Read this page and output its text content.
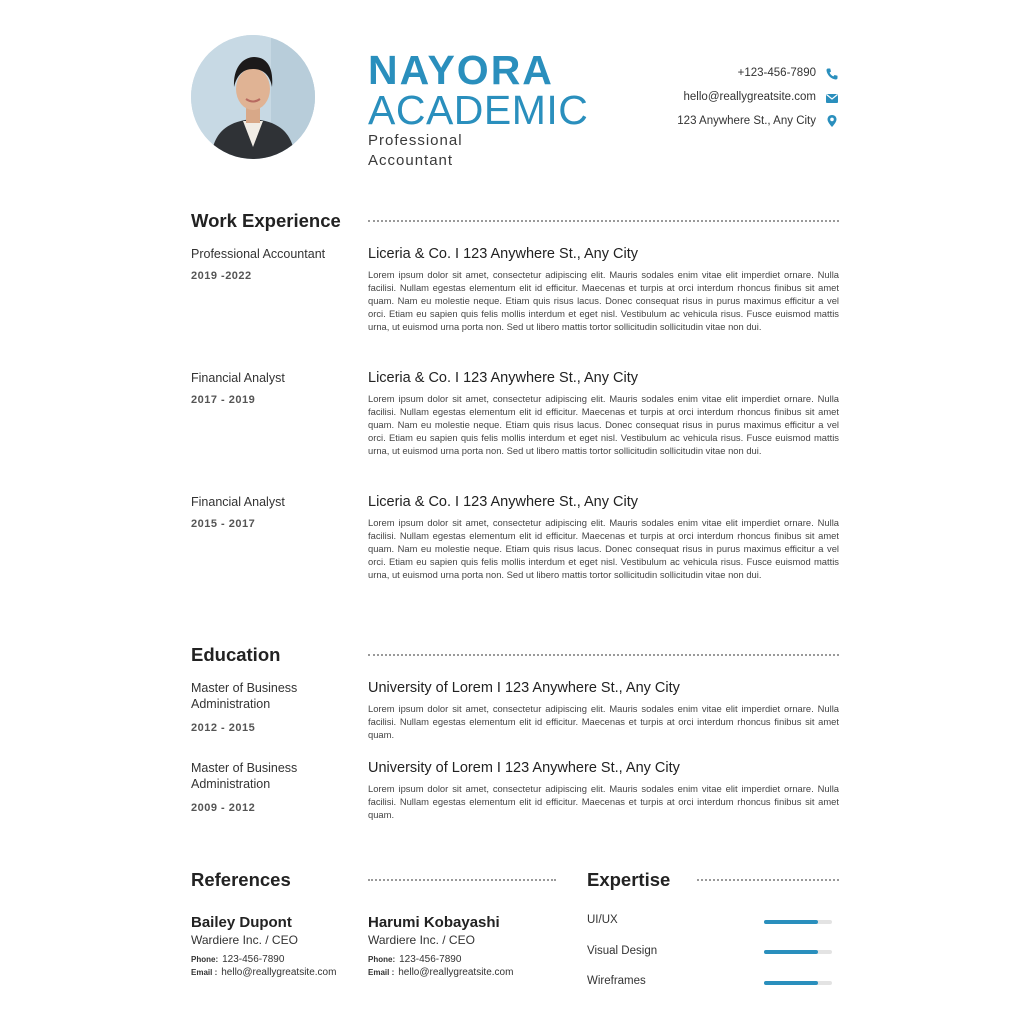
NAYORA
ACADEMIC
Professional
Accountant
+123-456-7890
hello@reallygreatsite.com
123 Anywhere St., Any City
Work Experience
Professional Accountant
2019 -2022
Liceria & Co. I 123 Anywhere St., Any City
Lorem ipsum dolor sit amet, consectetur adipiscing elit. Mauris sodales enim vitae elit imperdiet ornare. Nulla facilisi. Nullam egestas elementum elit id efficitur. Maecenas et turpis at orci interdum rhoncus finibus sit amet quam. Nam eu molestie neque. Etiam quis risus lacus. Donec consequat risus in purus maximus efficitur a vel orci. Etiam eu sapien quis felis mollis interdum et eget nisl. Vestibulum ac vehicula risus. Fusce euismod mattis urna, ut euismod urna porta non. Sed ut libero mattis tortor sollicitudin sollicitudin vitae non dui.
Financial Analyst
2017 - 2019
Liceria & Co. I 123 Anywhere St., Any City
Lorem ipsum dolor sit amet, consectetur adipiscing elit. Mauris sodales enim vitae elit imperdiet ornare. Nulla facilisi. Nullam egestas elementum elit id efficitur. Maecenas et turpis at orci interdum rhoncus finibus sit amet quam. Nam eu molestie neque. Etiam quis risus lacus. Donec consequat risus in purus maximus efficitur a vel orci. Etiam eu sapien quis felis mollis interdum et eget nisl. Vestibulum ac vehicula risus. Fusce euismod mattis urna, ut euismod urna porta non. Sed ut libero mattis tortor sollicitudin sollicitudin vitae non dui.
Financial Analyst
2015 - 2017
Liceria & Co. I 123 Anywhere St., Any City
Lorem ipsum dolor sit amet, consectetur adipiscing elit. Mauris sodales enim vitae elit imperdiet ornare. Nulla facilisi. Nullam egestas elementum elit id efficitur. Maecenas et turpis at orci interdum rhoncus finibus sit amet quam. Nam eu molestie neque. Etiam quis risus lacus. Donec consequat risus in purus maximus efficitur a vel orci. Etiam eu sapien quis felis mollis interdum et eget nisl. Vestibulum ac vehicula risus. Fusce euismod mattis urna, ut euismod urna porta non. Sed ut libero mattis tortor sollicitudin sollicitudin vitae non dui.
Education
Master of Business
Administration
2012 - 2015
University of Lorem I 123 Anywhere St., Any City
Lorem ipsum dolor sit amet, consectetur adipiscing elit. Mauris sodales enim vitae elit imperdiet ornare. Nulla facilisi. Nullam egestas elementum elit id efficitur. Maecenas et turpis at orci interdum rhoncus finibus sit amet quam.
Master of Business
Administration
2009 - 2012
University of Lorem I 123 Anywhere St., Any City
Lorem ipsum dolor sit amet, consectetur adipiscing elit. Mauris sodales enim vitae elit imperdiet ornare. Nulla facilisi. Nullam egestas elementum elit id efficitur. Maecenas et turpis at orci interdum rhoncus finibus sit amet quam.
References
Bailey Dupont
Wardiere Inc. / CEO
Phone: 123-456-7890
Email : hello@reallygreatsite.com
Harumi Kobayashi
Wardiere Inc. / CEO
Phone: 123-456-7890
Email : hello@reallygreatsite.com
Expertise
UI/UX
Visual Design
Wireframes
